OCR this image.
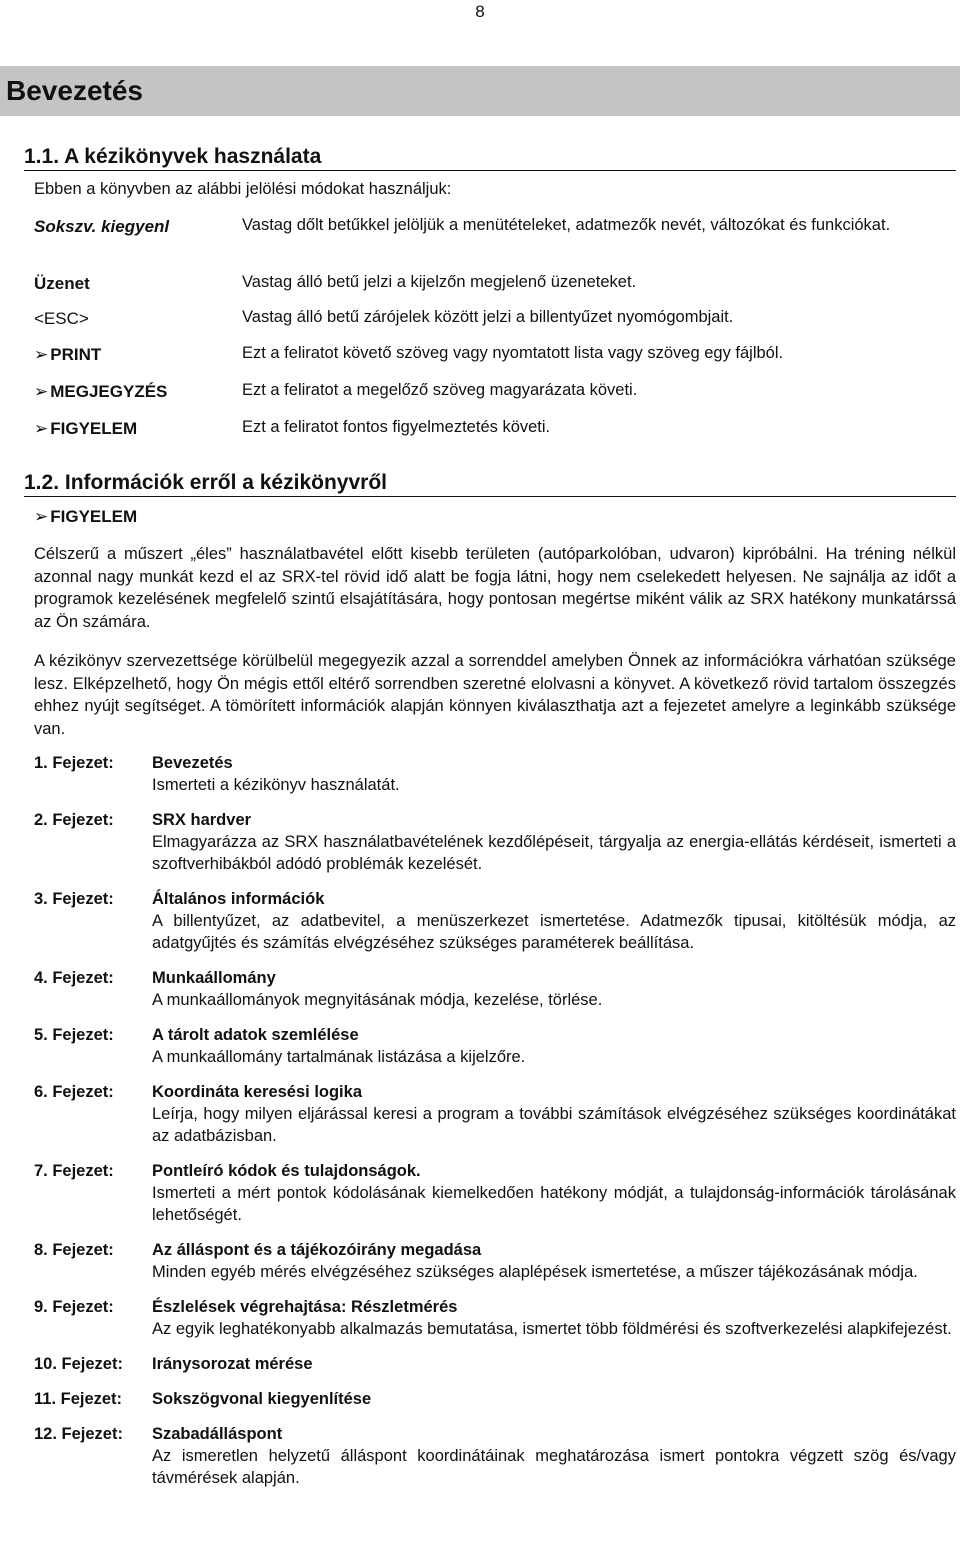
8
Bevezetés
1.1. A kézikönyvek használata
Ebben a könyvben az alábbi jelölési módokat használjuk:
Sokszv. kiegyenl	Vastag dőlt betűkkel jelöljük a menütételeket, adatmezők nevét, változókat és funkciókat.
Üzenet	Vastag álló betű jelzi a kijelzőn megjelenő üzeneteket.
<ESC>	Vastag álló betű zárójelek között jelzi a billentyűzet nyomógombjait.
➢ PRINT	Ezt a feliratot követő szöveg vagy nyomtatott lista vagy szöveg egy fájlból.
➢ MEGJEGYZÉS	Ezt a feliratot a megelőző szöveg magyarázata követi.
➢ FIGYELEM	Ezt a feliratot fontos figyelmeztetés követi.
1.2. Információk erről a kézikönyvről
➢ FIGYELEM

Célszerű a műszert „éles” használatbavétel előtt kisebb területen (autóparkolóban, udvaron) kipróbálni. Ha tréning nélkül azonnal nagy munkát kezd el az SRX-tel rövid idő alatt be fogja látni, hogy nem cselekedett helyesen. Ne sajnálja az időt a programok kezelésének megfelelő szintű elsajátítására, hogy pontosan megértse miként válik az SRX hatékony munkatárssá az Ön számára.

A kézikönyv szervezettsége körülbelül megegyezik azzal a sorrenddel amelyben Önnek az információkra várhatóan szüksége lesz. Elképzelhető, hogy Ön mégis ettől eltérő sorrendben szeretné elolvasni a könyvet. A következő rövid tartalom összegzés ehhez nyújt segítséget. A tömörített információk alapján könnyen kiválaszthatja azt a fejezetet amelyre a leginkább szüksége van.

1. Fejezet: Bevezetés
Ismerteti a kézikönyv használatát.
2. Fejezet: SRX hardver
Elmagyarázza az SRX használatbavételének kezdőlépéseit, tárgyalja az energia-ellátás kérdéseit, ismerteti a szoftverhibákból adódó problémák kezelését.
3. Fejezet: Általános információk
A billentyűzet, az adatbevitel, a menüszerkezet ismertetése. Adatmezők tipusai, kitöltésük módja, az adatgyűjtés és számítás elvégzéséhez szükséges paraméterek beállítása.
4. Fejezet: Munkaállomány
A munkaállományok megnyitásának módja, kezelése, törlése.
5. Fejezet: A tárolt adatok szemlélése
A munkaállomány tartalmának listázása a kijelzőre.
6. Fejezet: Koordináta keresési logika
Leírja, hogy milyen eljárással keresi a program a további számítások elvégzéséhez szükséges koordinátákat az adatbázisban.
7. Fejezet: Pontleíró kódok és tulajdonságok.
Ismerteti a mért pontok kódolásának kiemelkedően hatékony módját, a tulajdonság-információk tárolásának lehetőségét.
8. Fejezet: Az álláspont és a tájékozóirány megadása
Minden egyéb mérés elvégzéséhez szükséges alaplépések ismertetése, a műszer tájékozásának módja.
9. Fejezet: Észlelések végrehajtása: Részletmérés
Az egyik leghatékonyabb alkalmazás bemutatása, ismertet több földmérési és szoftverkezelési alapkifejezést.
10. Fejezet: Iránysorozat mérése
11. Fejezet: Sokszögvonal kiegyenlítése
12. Fejezet: Szabadálláspont
Az ismeretlen helyzetű álláspont koordinátáinak meghatározása ismert pontokra végzett szög és/vagy távmérések alapján.
